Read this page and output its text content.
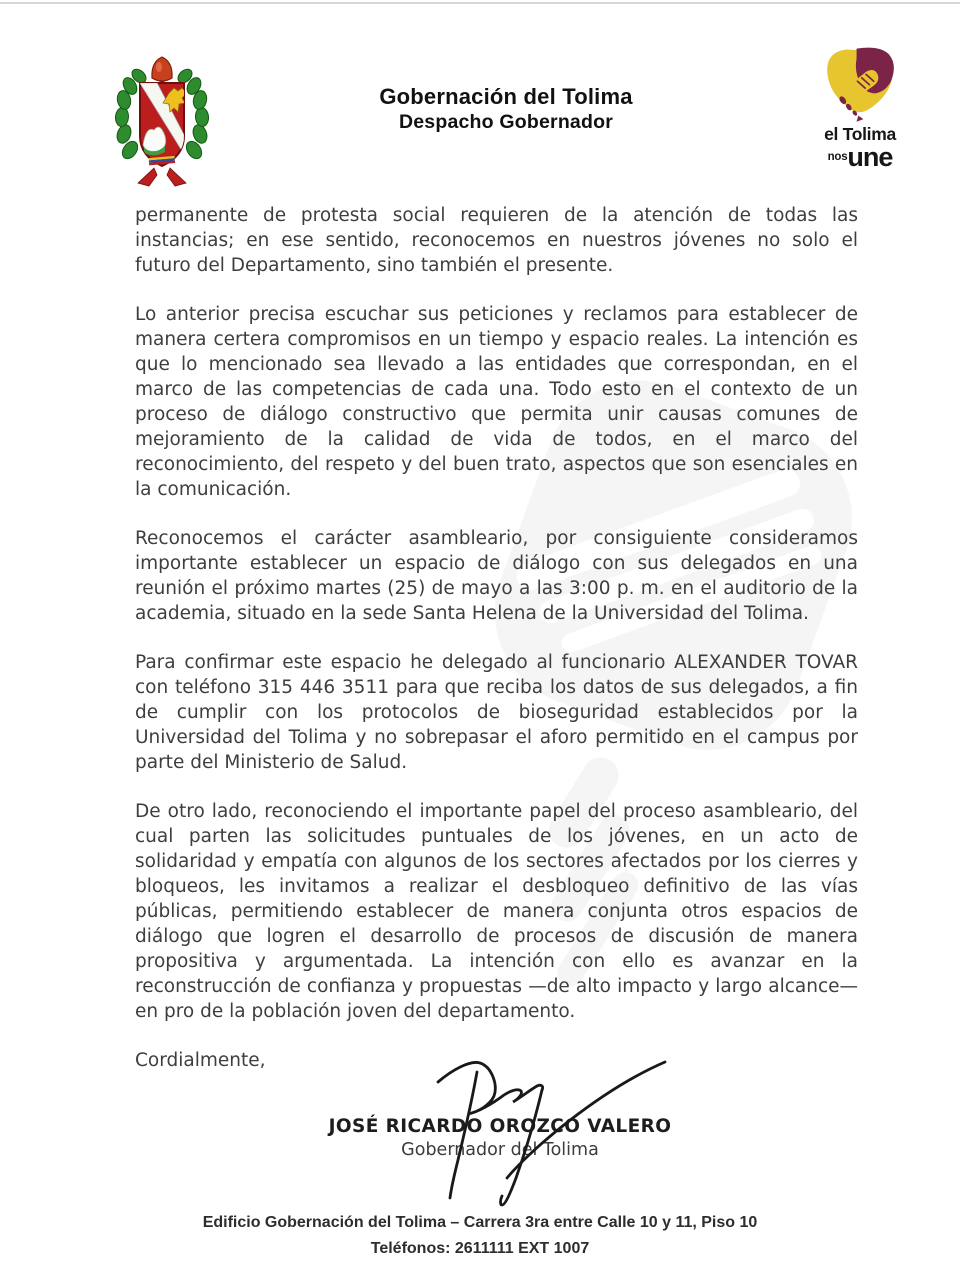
Gobernación del Tolima
Despacho Gobernador
el Tolima
$^{nos}$une

permanente de protesta social requieren de la atención de todas las instancias; en ese sentido, reconocemos en nuestros jóvenes no solo el futuro del Departamento, sino también el presente.

Lo anterior precisa escuchar sus peticiones y reclamos para establecer de manera certera compromisos en un tiempo y espacio reales. La intención es que lo mencionado sea llevado a las entidades que correspondan, en el marco de las competencias de cada una. Todo esto en el contexto de un proceso de diálogo constructivo que permita unir causas comunes de mejoramiento de la calidad de vida de todos, en el marco del reconocimiento, del respeto y del buen trato, aspectos que son esenciales en la comunicación.

Reconocemos el carácter asambleario, por consiguiente consideramos importante establecer un espacio de diálogo con sus delegados en una reunión el próximo martes (25) de mayo a las 3:00 p. m. en el auditorio de la academia, situado en la sede Santa Helena de la Universidad del Tolima.

Para confirmar este espacio he delegado al funcionario ALEXANDER TOVAR con teléfono 315 446 3511 para que reciba los datos de sus delegados, a fin de cumplir con los protocolos de bioseguridad establecidos por la Universidad del Tolima y no sobrepasar el aforo permitido en el campus por parte del Ministerio de Salud.

De otro lado, reconociendo el importante papel del proceso asambleario, del cual parten las solicitudes puntuales de los jóvenes, en un acto de solidaridad y empatía con algunos de los sectores afectados por los cierres y bloqueos, les invitamos a realizar el desbloqueo definitivo de las vías públicas, permitiendo establecer de manera conjunta otros espacios de diálogo que logren el desarrollo de procesos de discusión de manera propositiva y argumentada. La intención con ello es avanzar en la reconstrucción de confianza y propuestas —de alto impacto y largo alcance— en pro de la población joven del departamento.

Cordialmente,

JOSÉ RICARDO OROZCO VALERO
Gobernador del Tolima
Edificio Gobernación del Tolima – Carrera 3ra entre Calle 10 y 11, Piso 10
Teléfonos: 2611111 EXT 1007
